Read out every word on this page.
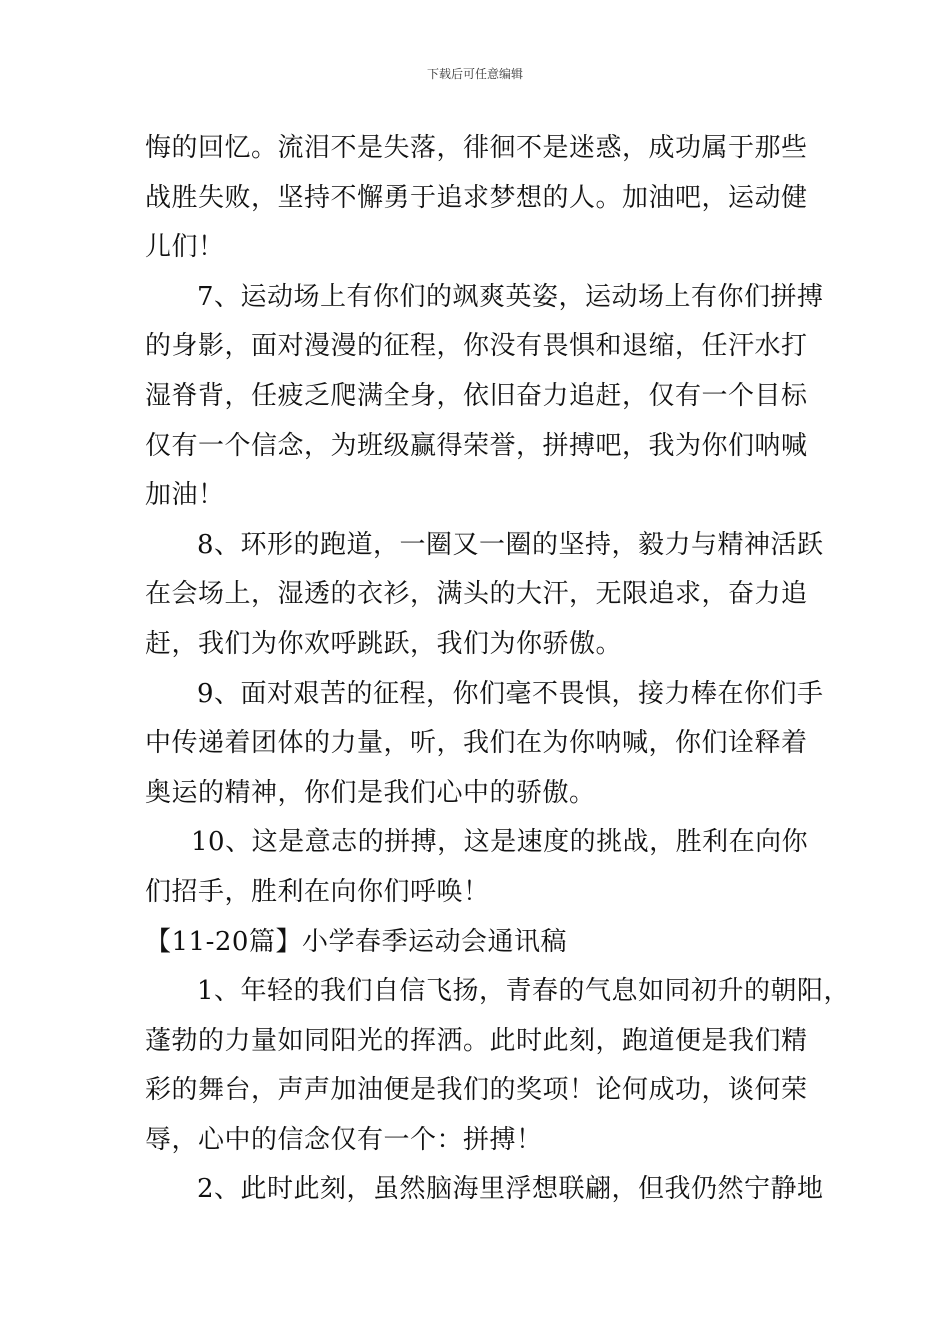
下载后可任意编辑
悔的回忆。流泪不是失落，徘徊不是迷惑，成功属于那些
战胜失败，坚持不懈勇于追求梦想的人。加油吧，运动健
儿们！
7、运动场上有你们的飒爽英姿，运动场上有你们拼搏
的身影，面对漫漫的征程，你没有畏惧和退缩，任汗水打
湿脊背，任疲乏爬满全身，依旧奋力追赶，仅有一个目标
仅有一个信念，为班级赢得荣誉，拼搏吧，我为你们呐喊
加油！
8、环形的跑道，一圈又一圈的坚持，毅力与精神活跃
在会场上，湿透的衣衫，满头的大汗，无限追求，奋力追
赶，我们为你欢呼跳跃，我们为你骄傲。
9、面对艰苦的征程，你们毫不畏惧，接力棒在你们手
中传递着团体的力量，听，我们在为你呐喊，你们诠释着
奥运的精神，你们是我们心中的骄傲。
10、这是意志的拼搏，这是速度的挑战，胜利在向你
们招手，胜利在向你们呼唤！
【11-20篇】小学春季运动会通讯稿
1、年轻的我们自信飞扬，青春的气息如同初升的朝阳，
蓬勃的力量如同阳光的挥洒。此时此刻，跑道便是我们精
彩的舞台，声声加油便是我们的奖项！论何成功，谈何荣
辱，心中的信念仅有一个：拼搏！
2、此时此刻，虽然脑海里浮想联翩，但我仍然宁静地
